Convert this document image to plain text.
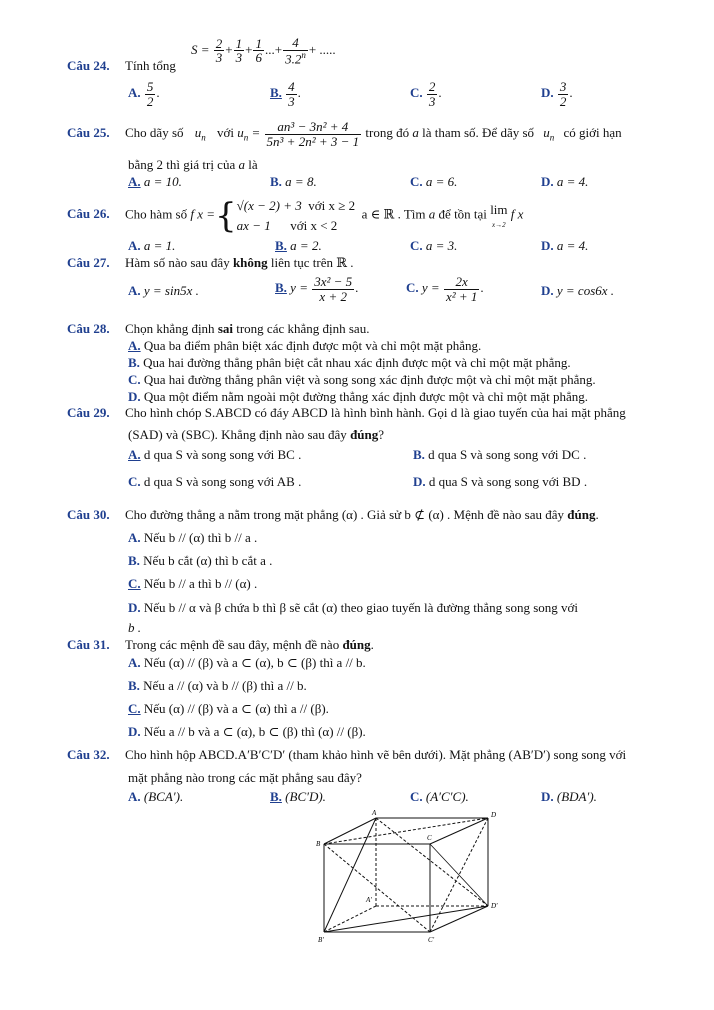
Câu 24. Tính tổng
$S = \frac{2}{3} + \frac{1}{3} + \frac{1}{6}$ ...+ $\frac{4}{3.2^n}$ + .....
A. $\frac{5}{2}$ .	B. $\frac{4}{3}$ .	C. $\frac{2}{3}$ .	D. $\frac{3}{2}$ .
Câu 25. Cho dãy số $u_n$ với $u_n = \frac{\text{an³ − 3n² + 4}}{\text{5n³ + 2n² + 3 − 1}}$ trong đó a là tham số. Để dãy số $u_n$ có giới hạn
bằng 2 thì giá trị của a là
A. a = 10.	B. a = 8.	C. a = 6.	D. a = 4.
Câu 26. Cho hàm số f x ={√(x − 2) + 3 với x ≥ 2
ax − 1 với x < 2  a ∈ ℝ . Tìm a để tồn tại lim
x→2 f x
A. a = 1.	B. a = 2.	C. a = 3.	D. a = 4.
Câu 27. Hàm số nào sau đây không liên tục trên ℝ .
A. y = sin5x .	B. $y = \frac{\text{3x² − 5}}{x + 2}$ .	C. $y = \frac{2x}{\text{x² + 1}}$ .	D. y = cos6x .
Câu 28. Chọn khẳng định sai trong các khẳng định sau.
A. Qua ba điểm phân biệt xác định được một và chỉ một mặt phẳng.
B. Qua hai đường thẳng phân biệt cắt nhau xác định được một và chỉ một mặt phẳng.
C. Qua hai đường thẳng phân việt và song song xác định được một và chỉ một mặt phẳng.
D. Qua một điểm nằm ngoài một đường thẳng xác định được một và chỉ một mặt phẳng.
Câu 29. Cho hình chóp S.ABCD có đáy ABCD là hình bình hành. Gọi d là giao tuyến của hai mặt phẳng
(SAD) và (SBC). Khẳng định nào sau đây đúng?
A. d qua S và song song với BC .	B. d qua S và song song với DC .
C. d qua S và song song với AB .	D. d qua S và song song với BD .
Câu 30. Cho đường thẳng a nằm trong mặt phẳng (α) . Giả sử b ⊄ (α) . Mệnh đề nào sau đây đúng.
A. Nếu b // (α) thì b // a .
B. Nếu b cắt (α) thì b cắt a .
C. Nếu b // a thì b // (α) .
D. Nếu b // α và β chứa b thì β sẽ cắt (α) theo giao tuyến là đường thẳng song song với
b .
Câu 31. Trong các mệnh đề sau đây, mệnh đề nào đúng.
A. Nếu (α) // (β) và a ⊂ (α), b ⊂ (β) thì a // b.
B. Nếu a // (α) và b // (β) thì a // b.
C. Nếu (α) // (β) và a ⊂ (α) thì a // (β).
D. Nếu a // b và a ⊂ (α), b ⊂ (β) thì (α) // (β).
Câu 32. Cho hình hộp ABCD.A′B′C′D′ (tham khảo hình vẽ bên dưới). Mặt phẳng (AB′D′) song song với
mặt phẳng nào trong các mặt phẳng sau đây?
A. (BCA′).	B. (BC′D).	C. (A′C′C).	D. (BDA′).
A	D
B
C
A′
D′
B′	C′
